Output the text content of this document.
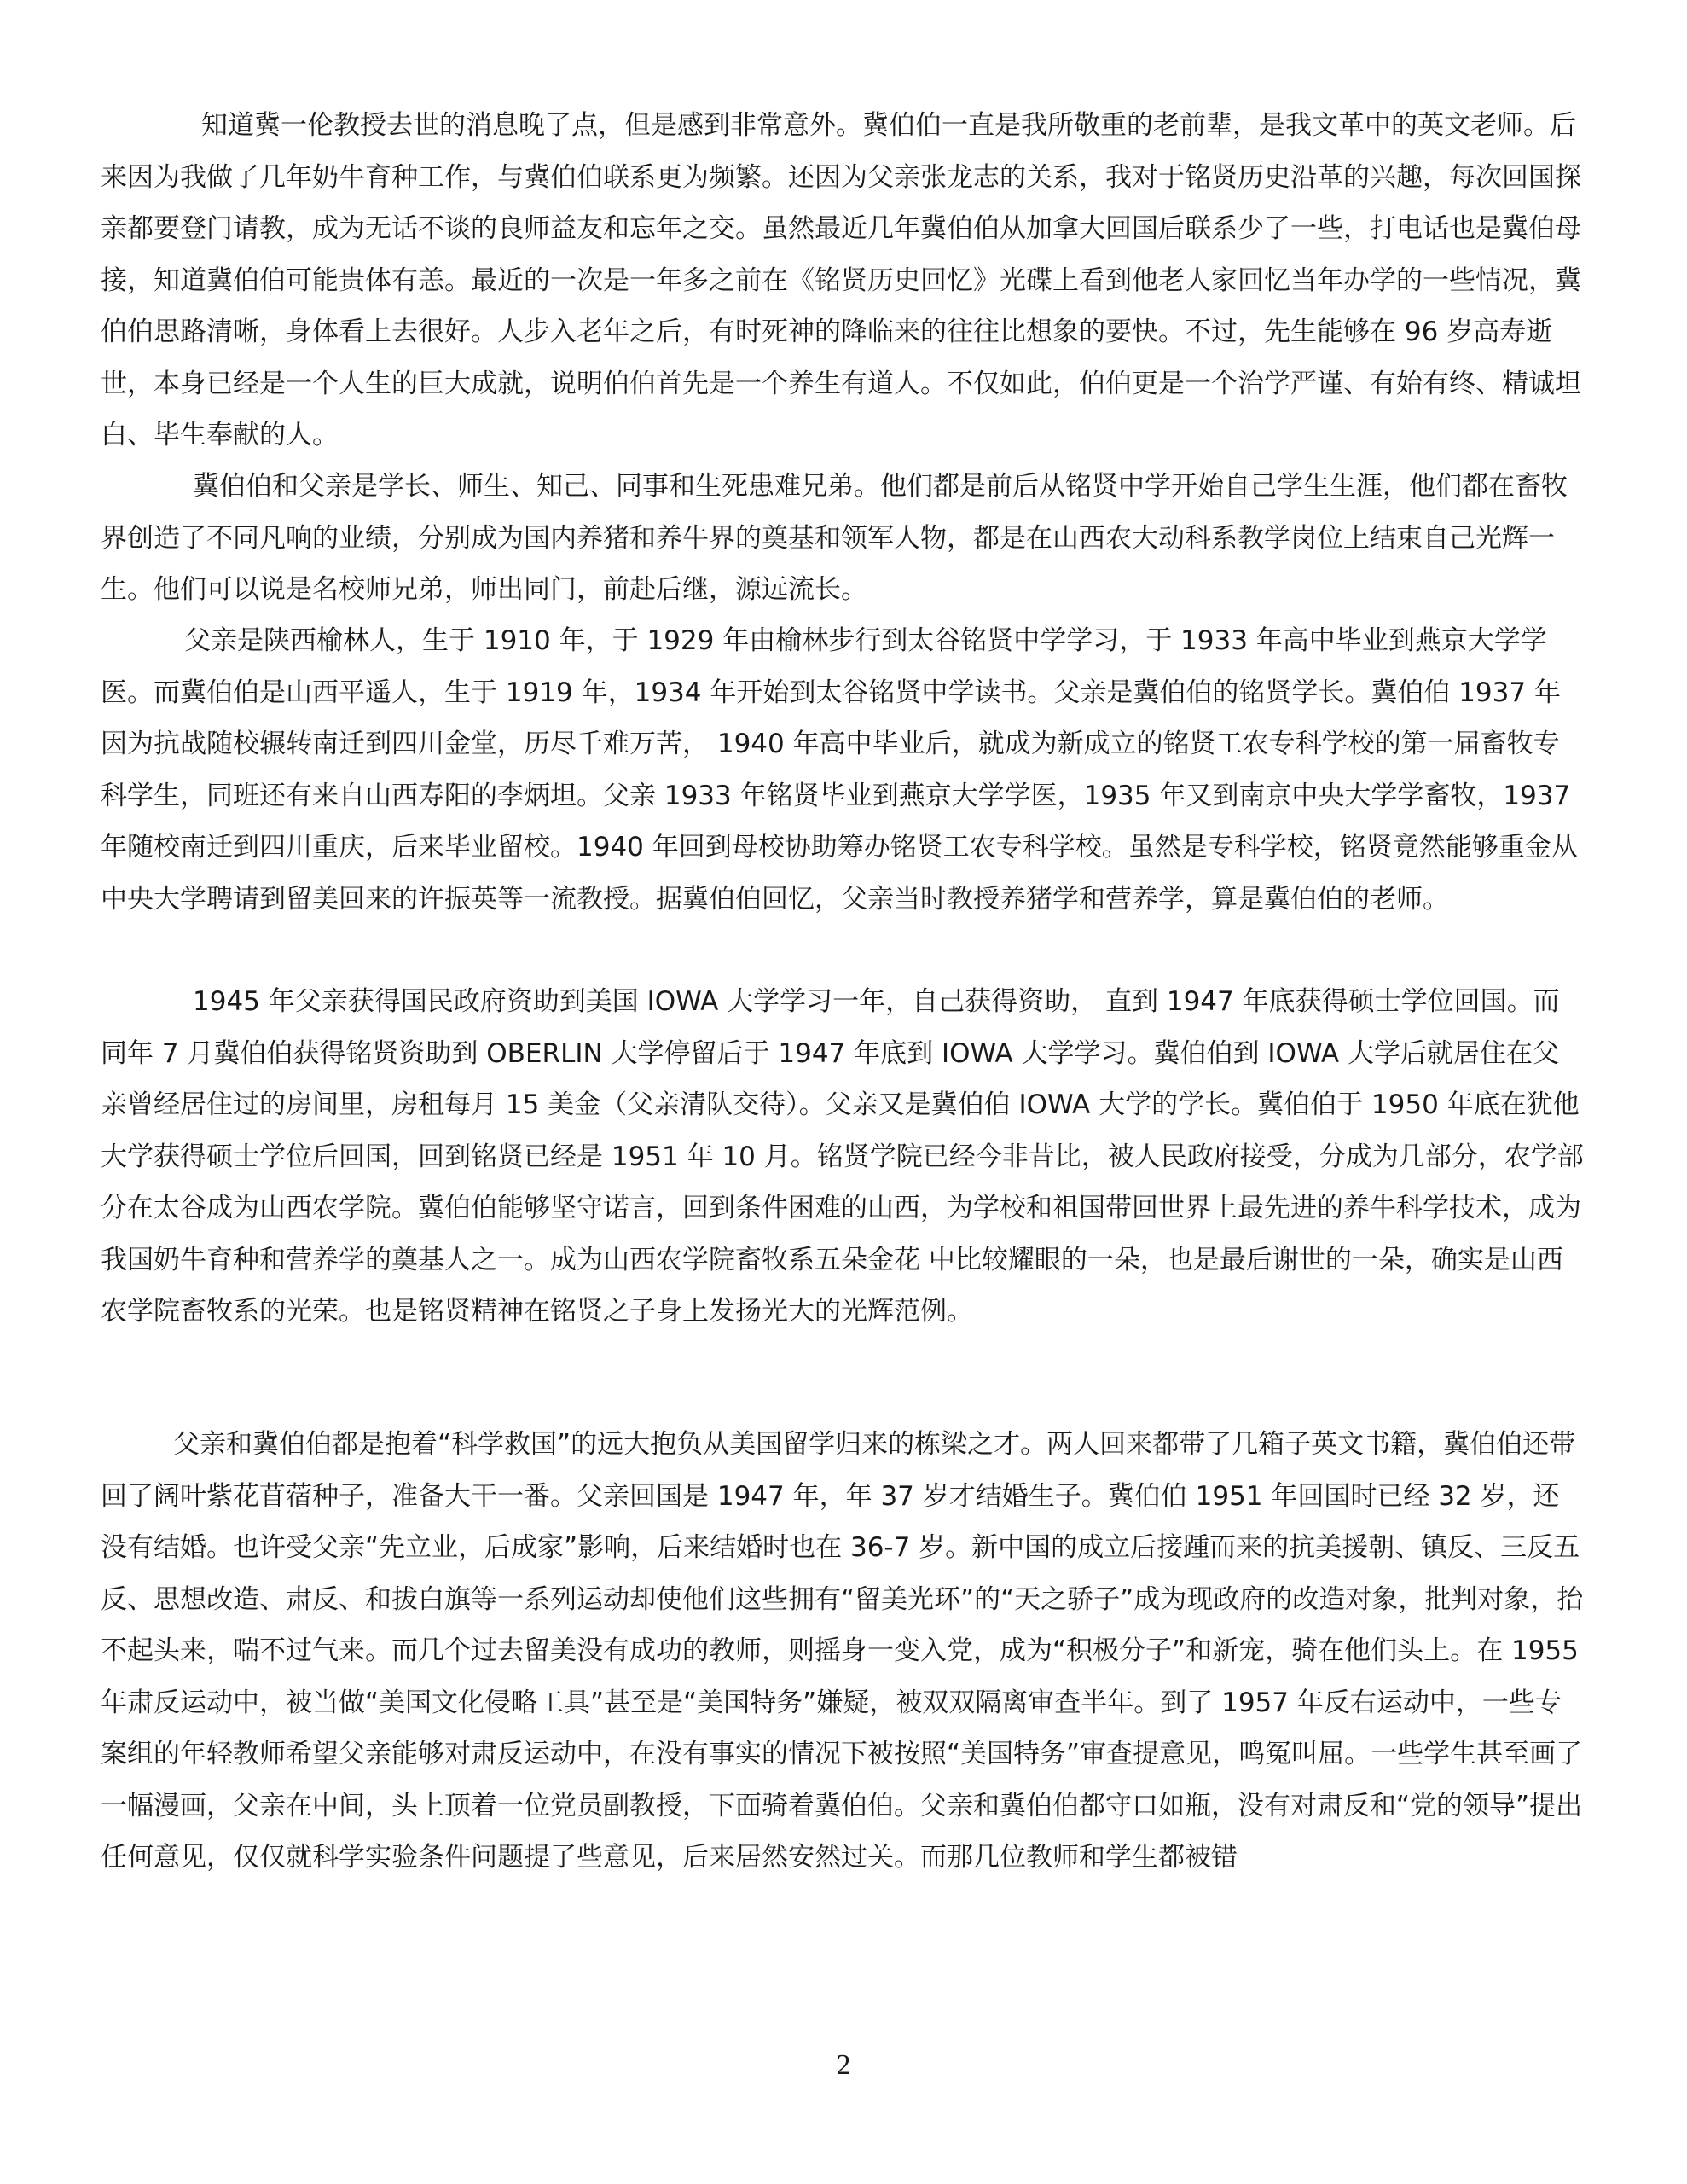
知道冀一伦教授去世的消息晚了点，但是感到非常意外。冀伯伯一直是我所敬重的老前辈，是我文革中的英文老师。后来因为我做了几年奶牛育种工作，与冀伯伯联系更为频繁。还因为父亲张龙志的关系，我对于铭贤历史沿革的兴趣，每次回国探亲都要登门请教，成为无话不谈的良师益友和忘年之交。虽然最近几年冀伯伯从加拿大回国后联系少了一些，打电话也是冀伯母接，知道冀伯伯可能贵体有恙。最近的一次是一年多之前在《铭贤历史回忆》光碟上看到他老人家回忆当年办学的一些情况，冀伯伯思路清晰，身体看上去很好。人步入老年之后，有时死神的降临来的往往比想象的要快。不过，先生能够在 96 岁高寿逝世，本身已经是一个人生的巨大成就，说明伯伯首先是一个养生有道人。不仅如此，伯伯更是一个治学严谨、有始有终、精诚坦白、毕生奉献的人。

冀伯伯和父亲是学长、师生、知己、同事和生死患难兄弟。他们都是前后从铭贤中学开始自己学生生涯，他们都在畜牧界创造了不同凡响的业绩，分别成为国内养猪和养牛界的奠基和领军人物，都是在山西农大动科系教学岗位上结束自己光辉一生。他们可以说是名校师兄弟，师出同门，前赴后继，源远流长。

父亲是陕西榆林人，生于 1910 年，于 1929 年由榆林步行到太谷铭贤中学学习，于 1933 年高中毕业到燕京大学学医。而冀伯伯是山西平遥人，生于 1919 年，1934 年开始到太谷铭贤中学读书。父亲是冀伯伯的铭贤学长。冀伯伯 1937 年 因为抗战随校辗转南迁到四川金堂，历尽千难万苦， 1940 年高中毕业后，就成为新成立的铭贤工农专科学校的第一届畜牧专科学生，同班还有来自山西寿阳的李炳坦。父亲 1933 年铭贤毕业到燕京大学学医，1935 年又到南京中央大学学畜牧，1937 年随校南迁到四川重庆，后来毕业留校。1940 年回到母校协助筹办铭贤工农专科学校。虽然是专科学校，铭贤竟然能够重金从中央大学聘请到留美回来的许振英等一流教授。据冀伯伯回忆，父亲当时教授养猪学和营养学，算是冀伯伯的老师。

1945 年父亲获得国民政府资助到美国 IOWA 大学学习一年，自己获得资助， 直到 1947 年底获得硕士学位回国。而同年 7 月冀伯伯获得铭贤资助到 OBERLIN 大学停留后于 1947 年底到 IOWA 大学学习。冀伯伯到 IOWA 大学后就居住在父亲曾经居住过的房间里，房租每月 15 美金（父亲清队交待）。父亲又是冀伯伯 IOWA 大学的学长。冀伯伯于 1950 年底在犹他大学获得硕士学位后回国，回到铭贤已经是 1951 年 10 月。铭贤学院已经今非昔比，被人民政府接受，分成为几部分，农学部分在太谷成为山西农学院。冀伯伯能够坚守诺言，回到条件困难的山西，为学校和祖国带回世界上最先进的养牛科学技术，成为我国奶牛育种和营养学的奠基人之一。成为山西农学院畜牧系五朵金花 中比较耀眼的一朵，也是最后谢世的一朵，确实是山西农学院畜牧系的光荣。也是铭贤精神在铭贤之子身上发扬光大的光辉范例。

父亲和冀伯伯都是抱着“科学救国”的远大抱负从美国留学归来的栋梁之才。两人回来都带了几箱子英文书籍，冀伯伯还带回了阔叶紫花苜蓿种子，准备大干一番。父亲回国是 1947 年，年 37 岁才结婚生子。冀伯伯 1951 年回国时已经 32 岁，还没有结婚。也许受父亲“先立业，后成家”影响，后来结婚时也在 36-7 岁。新中国的成立后接踵而来的抗美援朝、镇反、三反五反、思想改造、肃反、和拔白旗等一系列运动却使他们这些拥有“留美光环”的“天之骄子”成为现政府的改造对象，批判对象，抬不起头来，喘不过气来。而几个过去留美没有成功的教师，则摇身一变入党，成为“积极分子”和新宠，骑在他们头上。在 1955 年肃反运动中，被当做“美国文化侵略工具”甚至是“美国特务”嫌疑，被双双隔离审查半年。到了 1957 年反右运动中，一些专案组的年轻教师希望父亲能够对肃反运动中，在没有事实的情况下被按照“美国特务”审查提意见，鸣冤叫屈。一些学生甚至画了一幅漫画，父亲在中间，头上顶着一位党员副教授，下面骑着冀伯伯。父亲和冀伯伯都守口如瓶，没有对肃反和“党的领导”提出任何意见，仅仅就科学实验条件问题提了些意见，后来居然安然过关。而那几位教师和学生都被错

2
